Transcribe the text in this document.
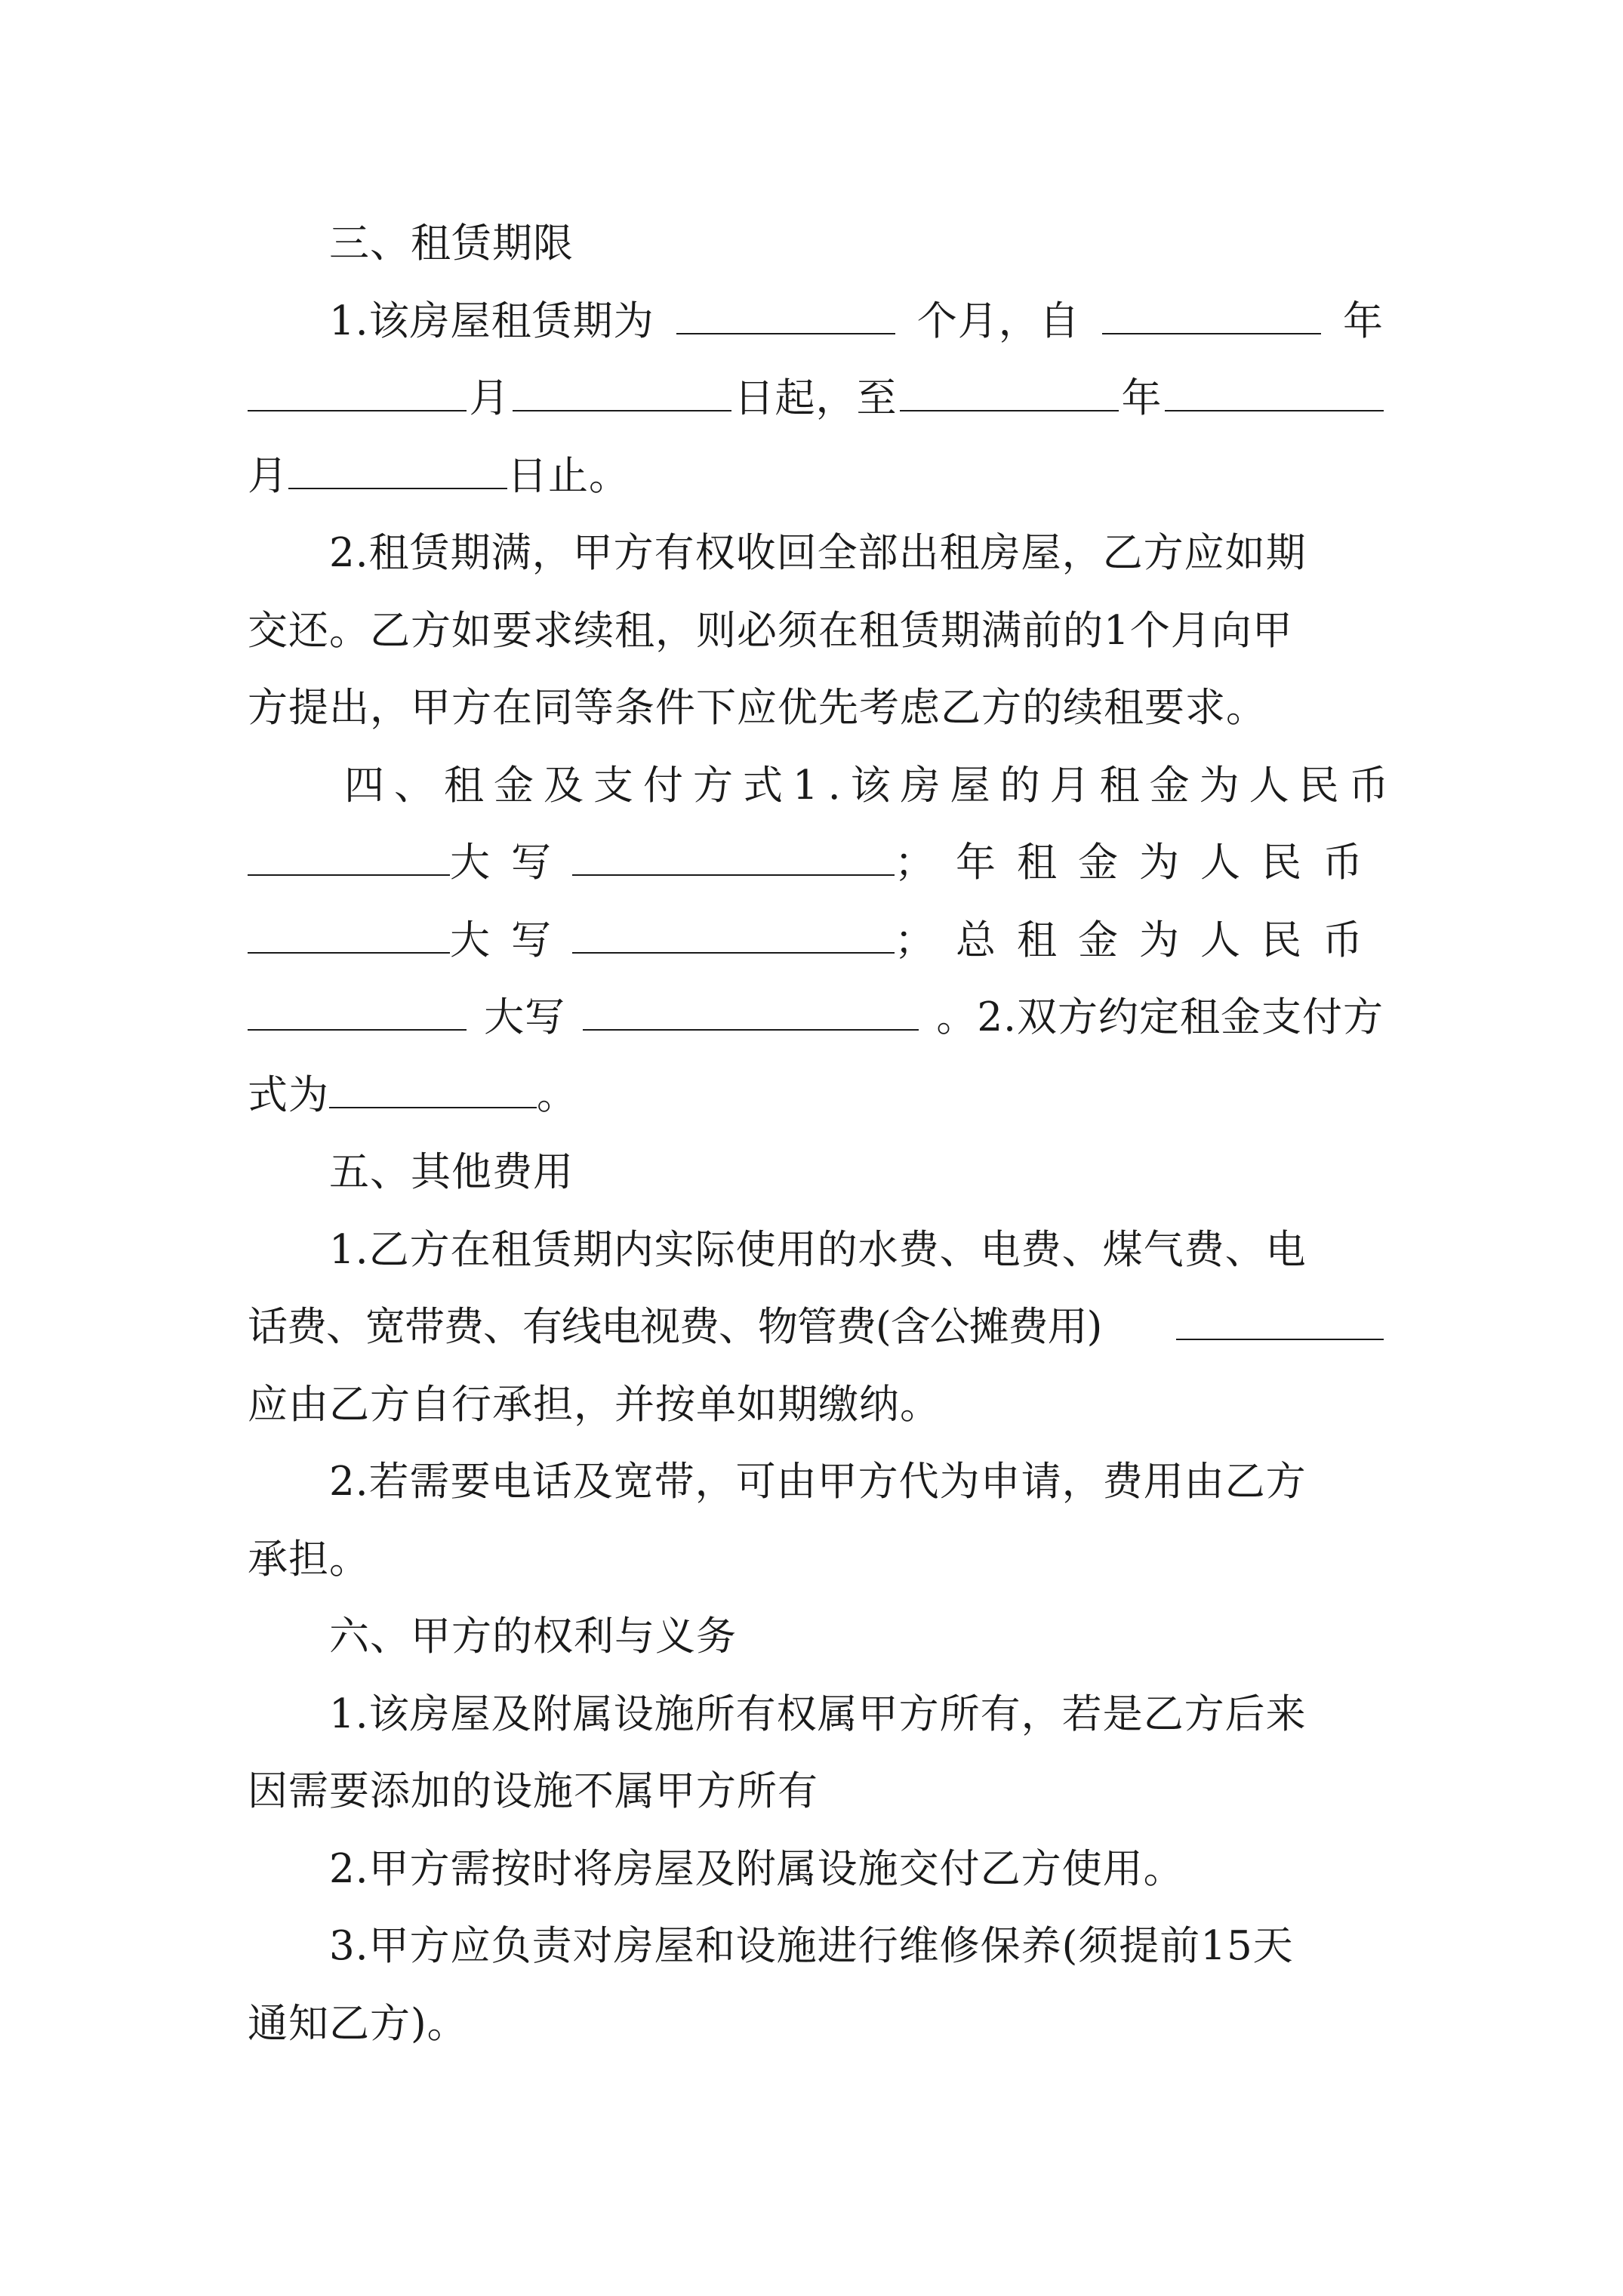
三、租赁期限
1.该房屋租赁期为	个月，自	年
月	日起，至	年
月	日止。
2.租赁期满，甲方有权收回全部出租房屋，乙方应如期
交还。乙方如要求续租，则必须在租赁期满前的1个月向甲
方提出，甲方在同等条件下应优先考虑乙方的续租要求。
四、租金及支付方式1.该房屋的月租金为人民币
大写	；年租金为人民币
大写	；总租金为人民币
大写	。2.双方约定租金支付方
式为	。
五、其他费用
1.乙方在租赁期内实际使用的水费、电费、煤气费、电
话费、宽带费、有线电视费、物管费(含公摊费用)
应由乙方自行承担，并按单如期缴纳。
2.若需要电话及宽带，可由甲方代为申请，费用由乙方
承担。
六、甲方的权利与义务
1.该房屋及附属设施所有权属甲方所有，若是乙方后来
因需要添加的设施不属甲方所有
2.甲方需按时将房屋及附属设施交付乙方使用。
3.甲方应负责对房屋和设施进行维修保养(须提前15天
通知乙方)。
